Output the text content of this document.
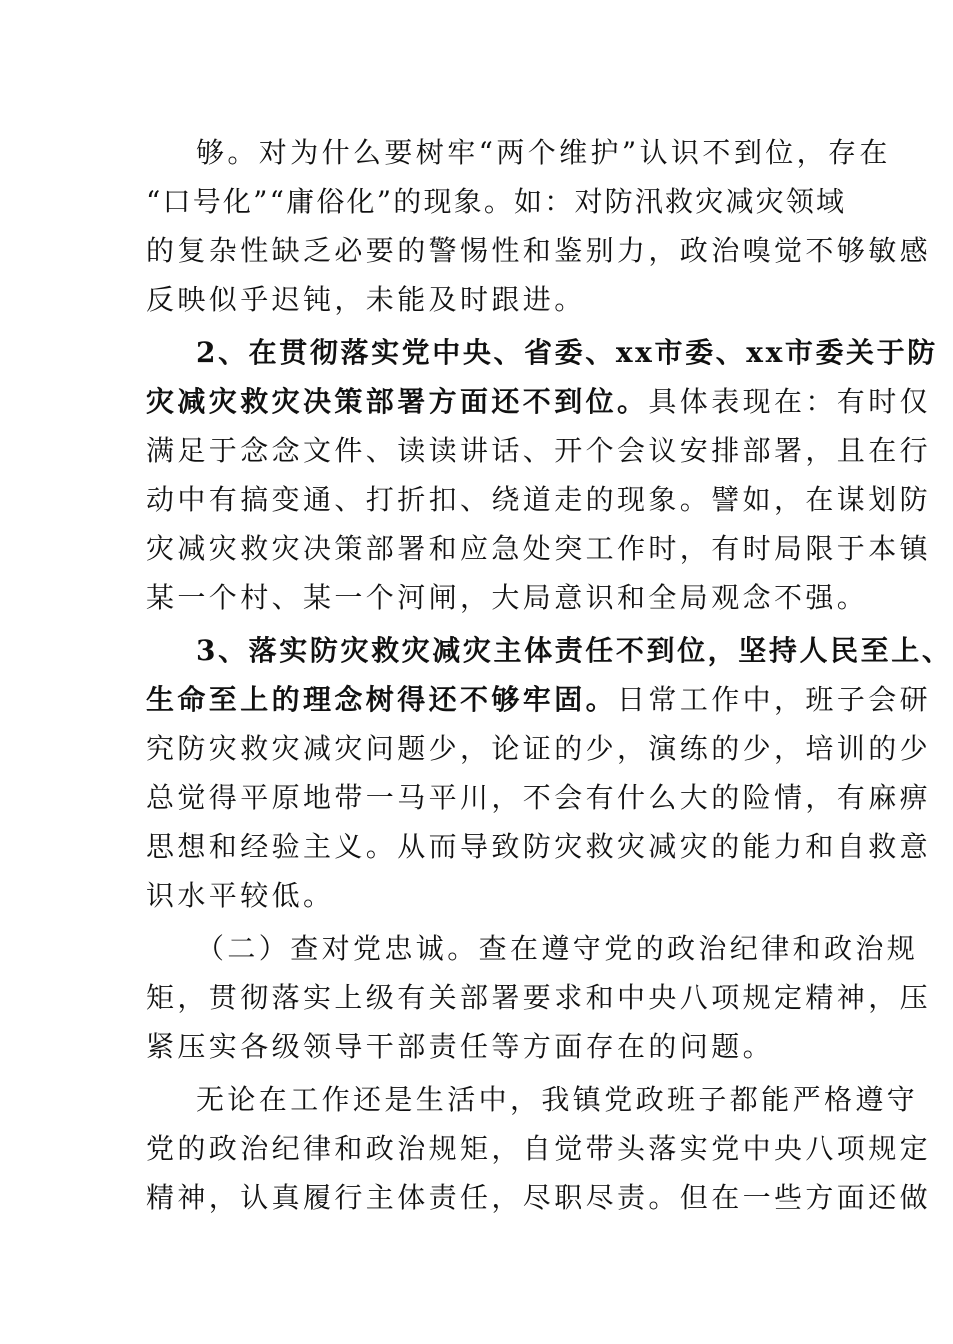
够。对为什么要树牢“两个维护”认识不到位，存在
“口号化”“庸俗化”的现象。如：对防汛救灾减灾领域
的复杂性缺乏必要的警惕性和鉴别力，政治嗅觉不够敏感
反映似乎迟钝，未能及时跟进。
2、在贯彻落实党中央、省委、xx市委、xx市委关于防
灾减灾救灾决策部署方面还不到位。具体表现在：有时仅
满足于念念文件、读读讲话、开个会议安排部署，且在行
动中有搞变通、打折扣、绕道走的现象。譬如，在谋划防
灾减灾救灾决策部署和应急处突工作时，有时局限于本镇
某一个村、某一个河闸，大局意识和全局观念不强。
3、落实防灾救灾减灾主体责任不到位，坚持人民至上、
生命至上的理念树得还不够牢固。日常工作中，班子会研
究防灾救灾减灾问题少，论证的少，演练的少，培训的少
总觉得平原地带一马平川，不会有什么大的险情，有麻痹
思想和经验主义。从而导致防灾救灾减灾的能力和自救意
识水平较低。
（二）查对党忠诚。查在遵守党的政治纪律和政治规
矩，贯彻落实上级有关部署要求和中央八项规定精神，压
紧压实各级领导干部责任等方面存在的问题。
无论在工作还是生活中，我镇党政班子都能严格遵守
党的政治纪律和政治规矩，自觉带头落实党中央八项规定
精神，认真履行主体责任，尽职尽责。但在一些方面还做
